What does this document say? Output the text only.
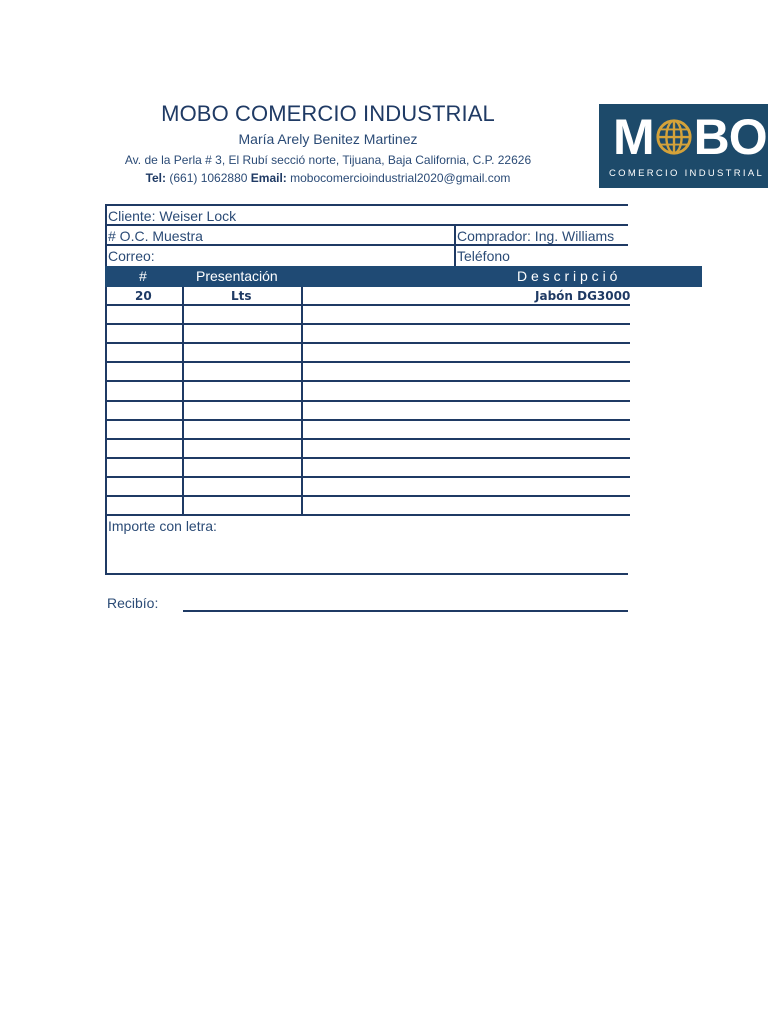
MOBO COMERCIO INDUSTRIAL
María Arely Benitez Martinez
Av. de la Perla # 3, El Rubí secció norte, Tijuana, Baja California, C.P. 22626
Tel: (661) 1062880 Email: mobocomercioindustrial2020@gmail.com
M BO
COMERCIO INDUSTRIAL
Cliente: Weiser Lock
# O.C. Muestra	Comprador: Ing. Williams
Correo:	Teléfono
#	Presentación	D e s c r i p c i ó
20	Lts	Jabón DG3000
Importe con letra:
Recibío:
